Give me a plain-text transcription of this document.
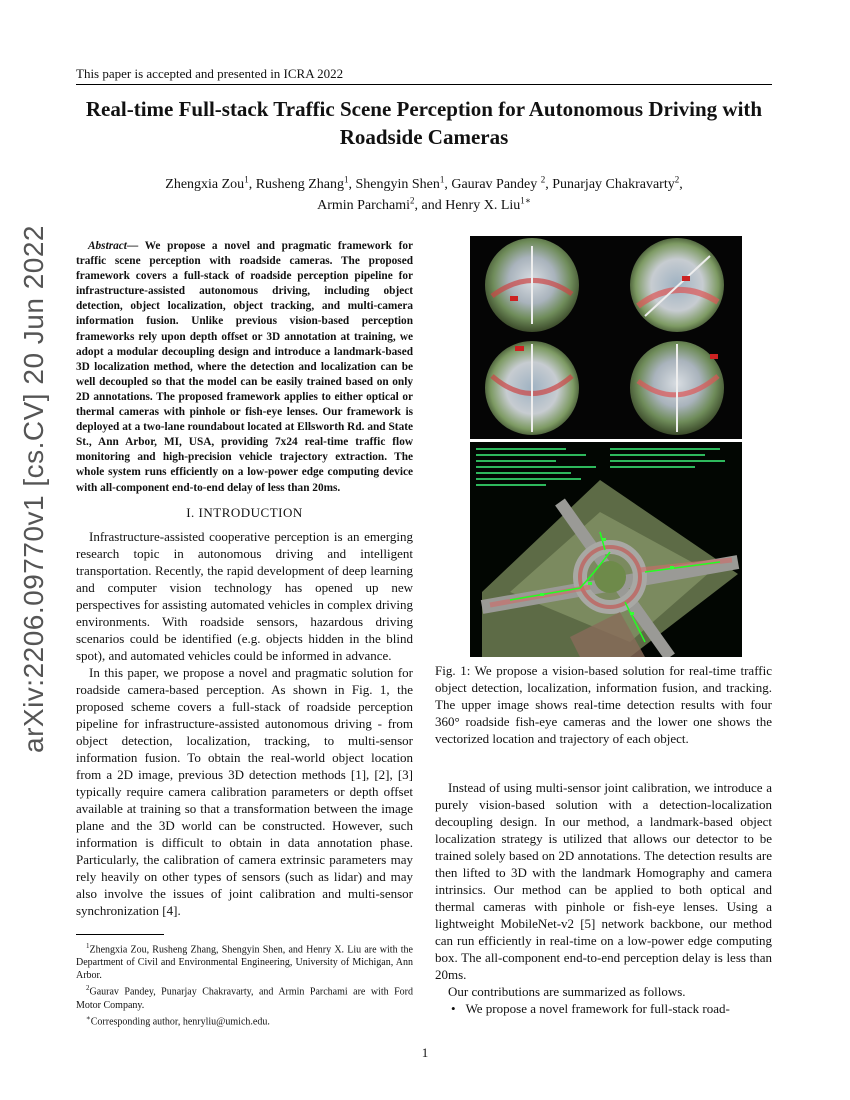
This paper is accepted and presented in ICRA 2022
Real-time Full-stack Traffic Scene Perception for Autonomous Driving with Roadside Cameras
Zhengxia Zou$^1$, Rusheng Zhang$^1$, Shengyin Shen$^1$, Gaurav Pandey $^2$, Punarjay Chakravarty$^2$,
Armin Parchami$^2$, and Henry X. Liu$^{1∗}$
arXiv:2206.09770v1 [cs.CV] 20 Jun 2022	Abstract— We propose a novel and pragmatic framework for traffic scene perception with roadside cameras. The proposed framework covers a full-stack of roadside perception pipeline for infrastructure-assisted autonomous driving, including object detection, object localization, object tracking, and multi-camera information fusion. Unlike previous vision-based perception frameworks rely upon depth offset or 3D annotation at training, we adopt a modular decoupling design and introduce a landmark-based 3D localization method, where the detection and localization can be well decoupled so that the model can be easily trained based on only 2D annotations. The proposed framework applies to either optical or thermal cameras with pinhole or fish-eye lenses. Our framework is deployed at a two-lane roundabout located at Ellsworth Rd. and State St., Ann Arbor, MI, USA, providing 7x24 real-time traffic flow monitoring and high-precision vehicle trajectory extraction. The whole system runs efficiently on a low-power edge computing device with all-component end-to-end delay of less than 20ms.
I. INTRODUCTION

Infrastructure-assisted cooperative perception is an emerging research topic in autonomous driving and intelligent transportation. Recently, the rapid development of deep learning and computer vision technology has opened up new perspectives for assisting automated vehicles in complex driving environments. With roadside sensors, hazardous driving scenarios could be identified (e.g. objects hidden in the blind spot), and automated vehicles could be informed in advance.

In this paper, we propose a novel and pragmatic solution for roadside camera-based perception. As shown in Fig. 1, the proposed scheme covers a full-stack of roadside perception pipeline for infrastructure-assisted autonomous driving - from object detection, localization, tracking, to multi-sensor information fusion. To obtain the real-world object location from a 2D image, previous 3D detection methods [1], [2], [3] typically require camera calibration parameters or depth offset available at training so that a transformation between the image plane and the 3D world can be constructed. However, such information is difficult to obtain in data annotation phase. Particularly, the calibration of camera extrinsic parameters may rely heavily on other types of sensors (such as lidar) and may also involve the issues of joint calibration and multi-sensor synchronization [4].

$^1$Zhengxia Zou, Rusheng Zhang, Shengyin Shen, and Henry X. Liu are with the Department of Civil and Environmental Engineering, University of Michigan, Ann Arbor.

$^2$Gaurav Pandey, Punarjay Chakravarty, and Armin Parchami are with Ford Motor Company.

∗Corresponding author, henryliu@umich.edu.

Fig. 1: We propose a vision-based solution for real-time traffic object detection, localization, information fusion, and tracking. The upper image shows real-time detection results with four 360° roadside fish-eye cameras and the lower one shows the vectorized location and trajectory of each object.

Instead of using multi-sensor joint calibration, we introduce a purely vision-based solution with a detection-localization decoupling design. In our method, a landmark-based object localization strategy is utilized that allows our detector to be trained solely based on 2D annotations. The detection results are then lifted to 3D with the landmark Homography and camera intrinsics. Our method can be applied to both optical and thermal cameras with pinhole or fish-eye lenses. Using a lightweight MobileNet-v2 [5] network backbone, our method can run efficiently in real-time on a low-power edge computing box. The all-component end-to-end perception delay is less than 20ms.

Our contributions are summarized as follows.

• We propose a novel framework for full-stack road-
1
